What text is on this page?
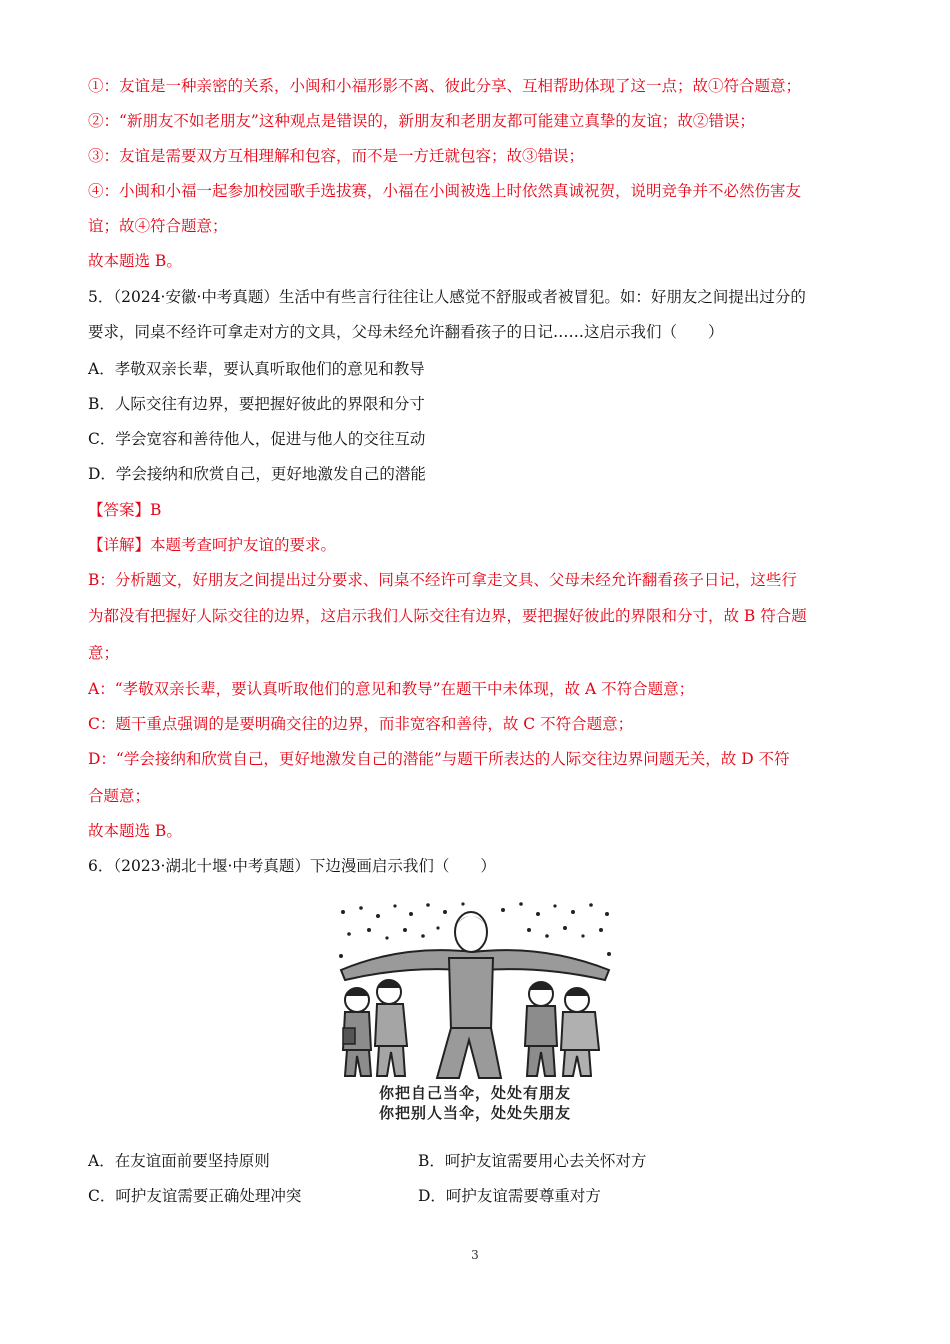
①：友谊是一种亲密的关系，小闽和小福形影不离、彼此分享、互相帮助体现了这一点；故①符合题意；
②：“新朋友不如老朋友”这种观点是错误的，新朋友和老朋友都可能建立真挚的友谊；故②错误；
③：友谊是需要双方互相理解和包容，而不是一方迁就包容；故③错误；
④：小闽和小福一起参加校园歌手选拔赛，小福在小闽被选上时依然真诚祝贺，说明竞争并不必然伤害友
谊；故④符合题意；
故本题选 B。
5．（2024·安徽·中考真题）生活中有些言行往往让人感觉不舒服或者被冒犯。如：好朋友之间提出过分的
要求，同桌不经许可拿走对方的文具，父母未经允许翻看孩子的日记……这启示我们（　　）
A．孝敬双亲长辈，要认真听取他们的意见和教导
B．人际交往有边界，要把握好彼此的界限和分寸
C．学会宽容和善待他人，促进与他人的交往互动
D．学会接纳和欣赏自己，更好地激发自己的潜能
【答案】B
【详解】本题考查呵护友谊的要求。
B：分析题文，好朋友之间提出过分要求、同桌不经许可拿走文具、父母未经允许翻看孩子日记，这些行
为都没有把握好人际交往的边界，这启示我们人际交往有边界，要把握好彼此的界限和分寸，故 B 符合题
意；
A：“孝敬双亲长辈，要认真听取他们的意见和教导”在题干中未体现，故 A 不符合题意；
C：题干重点强调的是要明确交往的边界，而非宽容和善待，故 C 不符合题意；
D：“学会接纳和欣赏自己，更好地激发自己的潜能”与题干所表达的人际交往边界问题无关，故 D 不符
合题意；
故本题选 B。
6．（2023·湖北十堰·中考真题）下边漫画启示我们（　　）
你把自己当伞，处处有朋友
你把别人当伞，处处失朋友
A．在友谊面前要坚持原则	B．呵护友谊需要用心去关怀对方
C．呵护友谊需要正确处理冲突	D．呵护友谊需要尊重对方
3
